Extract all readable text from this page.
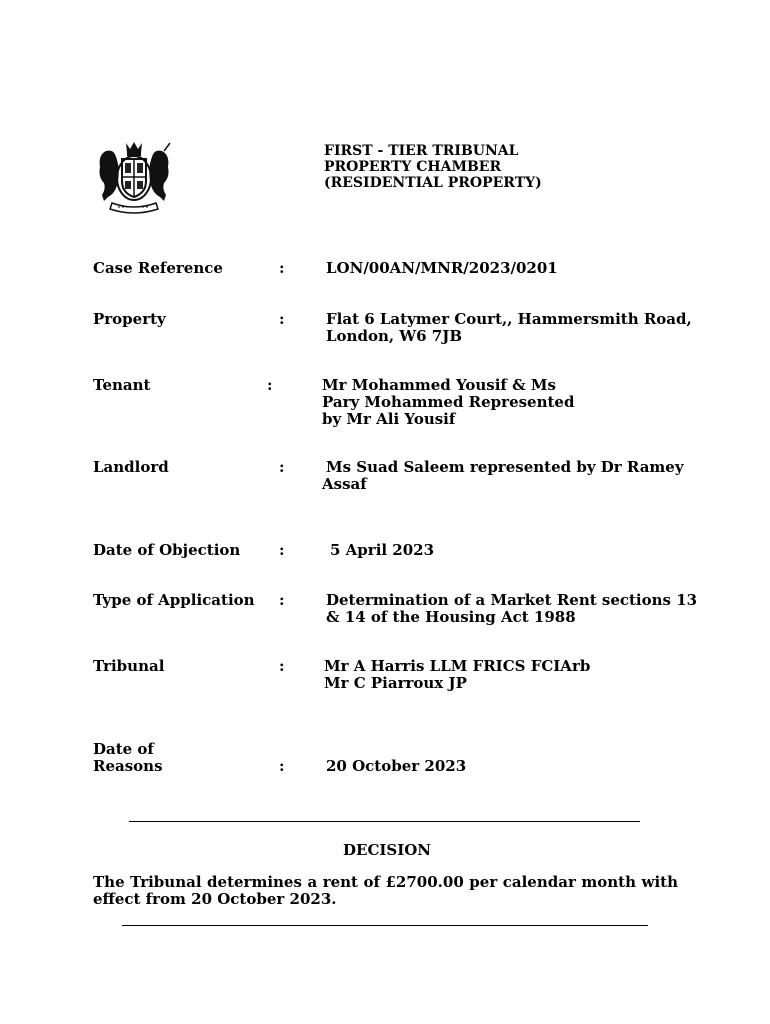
FIRST - TIER TRIBUNAL
PROPERTY CHAMBER
(RESIDENTIAL PROPERTY)
Case Reference	:	LON/00AN/MNR/2023/0201
Property	:	Flat 6 Latymer Court,, Hammersmith Road,
London, W6 7JB
Tenant	:	Mr Mohammed Yousif & Ms
Pary Mohammed Represented
by Mr Ali Yousif
Landlord	:	Ms Suad Saleem represented by Dr Ramey
Assaf
Date of Objection	:	5 April 2023
Type of Application :	Determination of a Market Rent sections 13
& 14 of the Housing Act 1988
Tribunal	:	Mr A Harris LLM FRICS FCIArb
Mr C Piarroux JP
Date of
Reasons	:	20 October 2023
DECISION
The Tribunal determines a rent of £2700.00 per calendar month with effect from 20 October 2023.
